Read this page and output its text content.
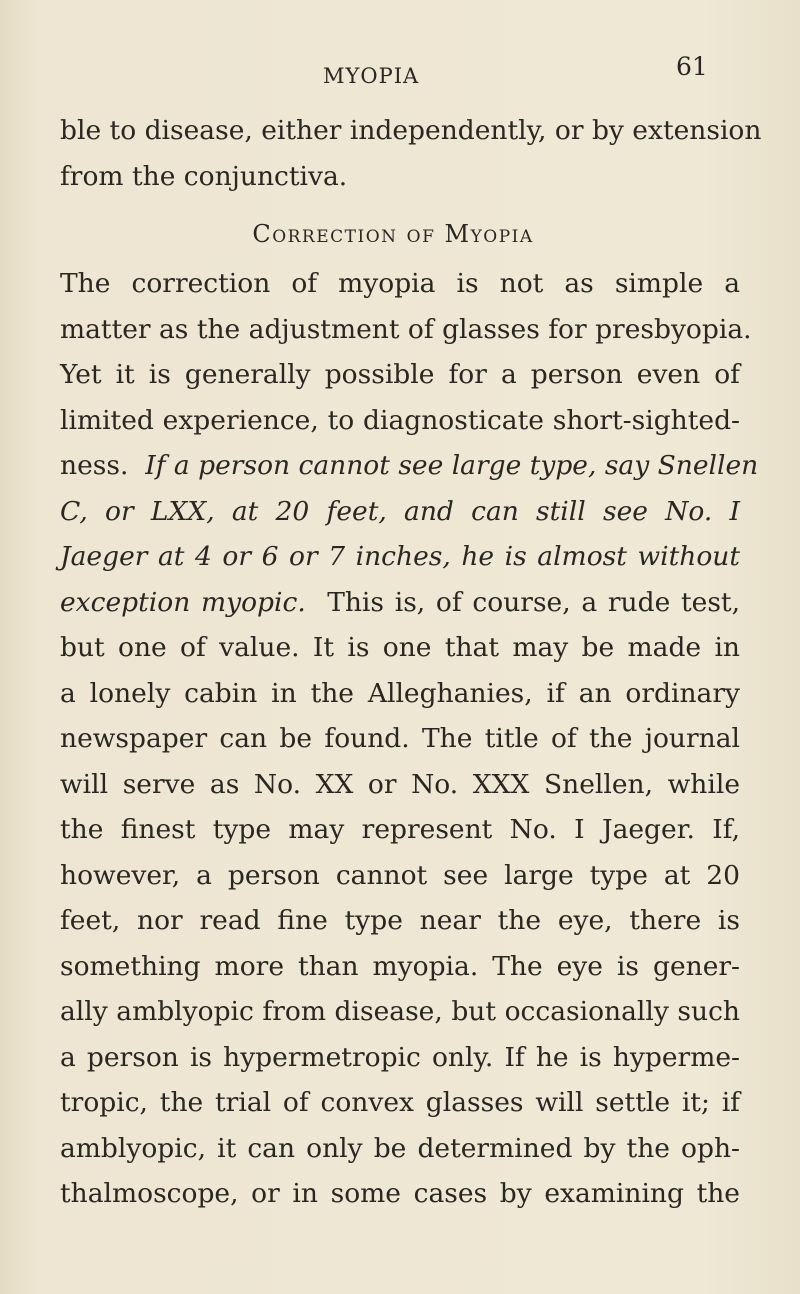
MYOPIA	61
ble to disease, either independently, or by extension
from the conjunctiva.
Correction of Myopia
The correction of myopia is not as simple a
matter as the adjustment of glasses for presbyopia.
Yet it is generally possible for a person even of
limited experience, to diagnosticate short-sighted-
ness. If a person cannot see large type, say Snellen
C, or LXX, at 20 feet, and can still see No. I
Jaeger at 4 or 6 or 7 inches, he is almost without
exception myopic. This is, of course, a rude test,
but one of value. It is one that may be made in
a lonely cabin in the Alleghanies, if an ordinary
newspaper can be found. The title of the journal
will serve as No. XX or No. XXX Snellen, while
the finest type may represent No. I Jaeger. If,
however, a person cannot see large type at 20
feet, nor read fine type near the eye, there is
something more than myopia. The eye is gener-
ally amblyopic from disease, but occasionally such
a person is hypermetropic only. If he is hyperme-
tropic, the trial of convex glasses will settle it; if
amblyopic, it can only be determined by the oph-
thalmoscope, or in some cases by examining the
